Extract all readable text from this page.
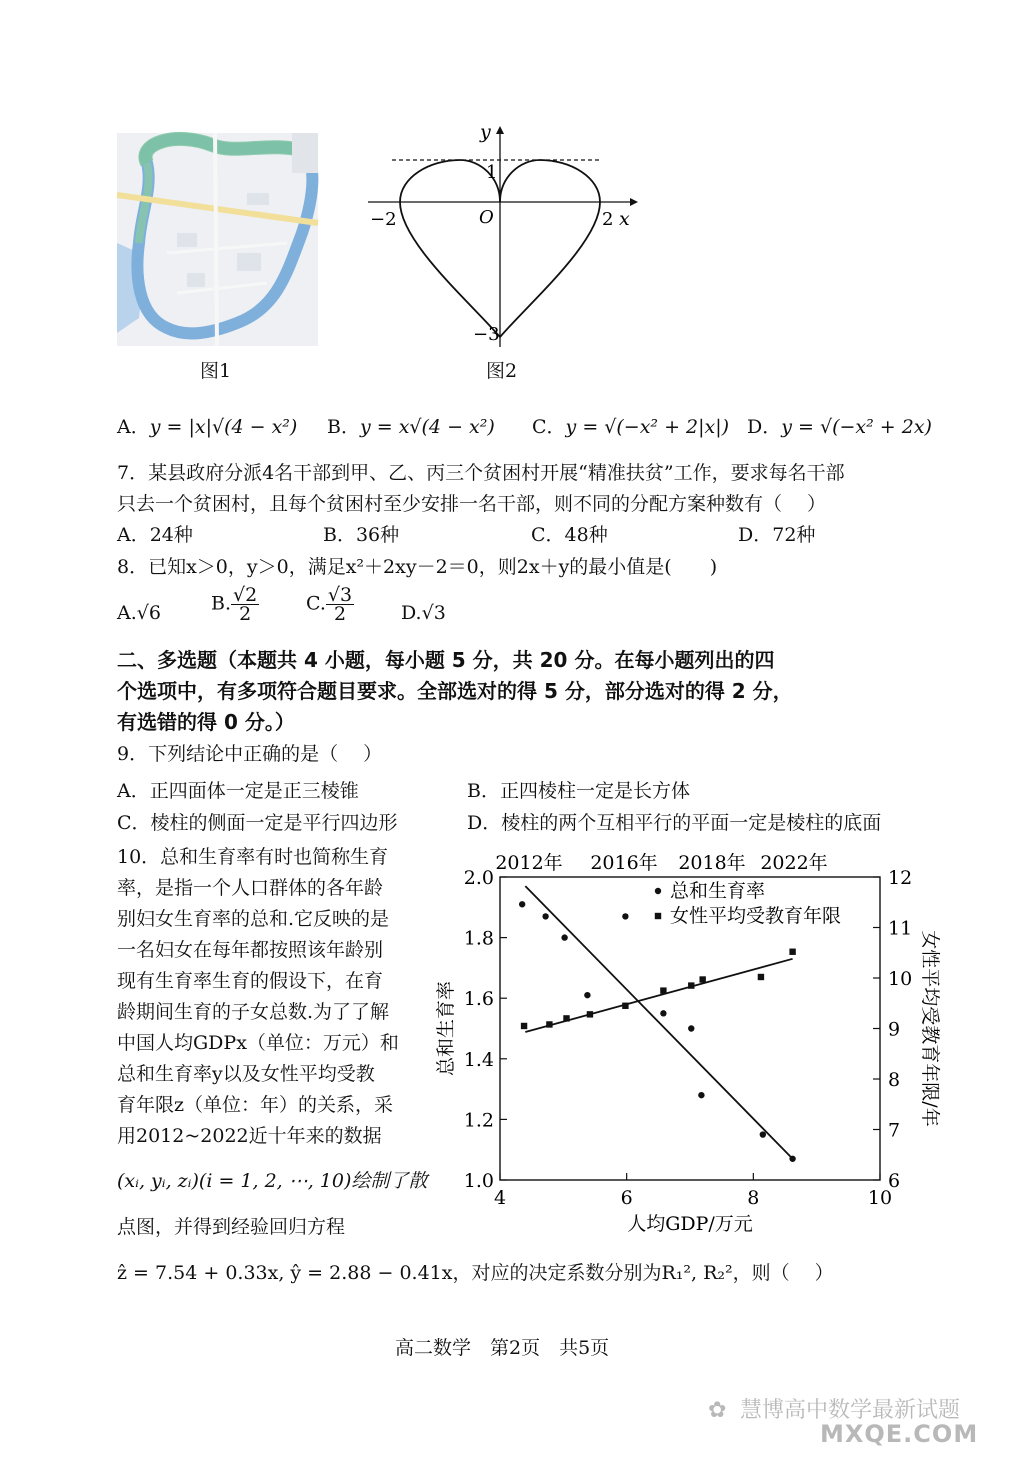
图1
y
1
−2	O	2 x
−3
图2
A．y = |x|√(4 − x²) B．y = x√(4 − x²) C．y = √(−x² + 2|x|) D．y = √(−x² + 2x)
7．某县政府分派4名干部到甲、乙、丙三个贫困村开展“精准扶贫”工作，要求每名干部
只去一个贫困村，且每个贫困村至少安排一名干部，则不同的分配方案种数有（　 ）
A．24种	B．36种	C．48种	D．72种
8．已知x＞0，y＞0，满足x²＋2xy－2＝0，则2x＋y的最小值是(　　)
A.√6	B. $\frac{√2}{2} C$. $\frac{√3}{2} D.√3$
二、多选题（本题共 4 小题，每小题 5 分，共 20 分。在每小题列出的四
个选项中，有多项符合题目要求。全部选对的得 5 分，部分选对的得 2 分，
有选错的得 0 分。）
9．下列结论中正确的是（　 ）
A．正四面体一定是正三棱锥	B．正四棱柱一定是长方体
C．棱柱的侧面一定是平行四边形	D．棱柱的两个互相平行的平面一定是棱柱的底面
10．总和生育率有时也简称生育
率，是指一个人口群体的各年龄
别妇女生育率的总和.它反映的是
一名妇女在每年都按照该年龄别
现有生育率生育的假设下，在育
龄期间生育的子女总数.为了了解
中国人均GDPx（单位：万元）和
总和生育率y以及女性平均受教
育年限z（单位：年）的关系，采
用2012~2022近十年来的数据
(xᵢ, yᵢ, zᵢ)(i = 1, 2, ⋯, 10)绘制了散
点图，并得到经验回归方程
ẑ = 7.54 + 0.33x, ŷ = 2.88 − 0.41x，对应的决定系数分别为R₁², R₂²，则（　 ）
4	6	8	10
1.0
1.2
1.4
1.6
1.8
2.0
6
7
8
9
10
11
12
2012年 2016年 2018年 2022年
人均GDP/万元
总和生育率	女性平均受教育年限/年
总和生育率
女性平均受教育年限
高二数学　第2页　共5页
✿ 慧博高中数学最新试题
MXQE.COM
